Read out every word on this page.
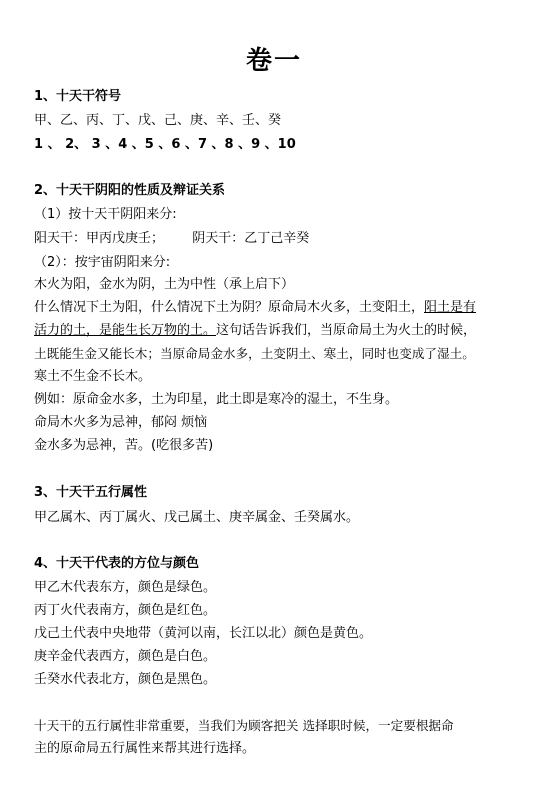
卷一
1、十天干符号
甲、乙、丙、丁、戊、己、庚、辛、壬、癸
1 、 2、 3 、4 、5 、6 、7 、8 、9 、10
2、十天干阴阳的性质及辩证关系
（1）按十天干阴阳来分:
阳天干：甲丙戊庚壬； 阴天干：乙丁己辛癸
（2）：按宇宙阴阳来分:
木火为阳，金水为阴，土为中性（承上启下）
什么情况下土为阳，什么情况下土为阴？原命局木火多，土变阳土，阳土是有
活力的土，是能生长万物的土。这句话告诉我们，当原命局土为火土的时候，
土既能生金又能长木；当原命局金水多，土变阴土、寒土，同时也变成了湿土。
寒土不生金不长木。
例如：原命金水多，土为印星，此土即是寒冷的湿土，不生身。
命局木火多为忌神，郁闷 烦恼
金水多为忌神，苦。(吃很多苦)
3、十天干五行属性
甲乙属木、丙丁属火、戊己属土、庚辛属金、壬癸属水。
4、十天干代表的方位与颜色
甲乙木代表东方，颜色是绿色。
丙丁火代表南方，颜色是红色。
戊己土代表中央地带（黄河以南，长江以北）颜色是黄色。
庚辛金代表西方，颜色是白色。
壬癸水代表北方，颜色是黑色。
十天干的五行属性非常重要，当我们为顾客把关 选择职时候，一定要根据命
主的原命局五行属性来帮其进行选择。
